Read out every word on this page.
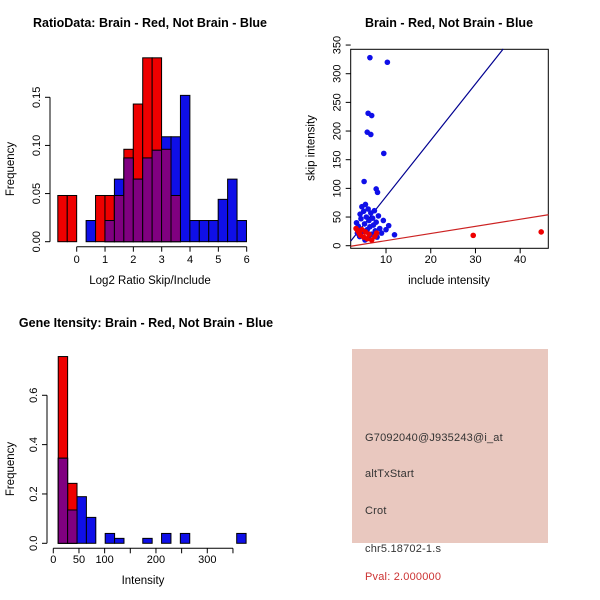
0 1 2 3 4 5 6
0.00
0.05
0.10
0.15
RatioData: Brain - Red, Not Brain - Blue
Log2 Ratio Skip/Include
Frequency
10	20	30	40
0
50
100
150
200
250
300
350
Brain - Red, Not Brain - Blue
include intensity
skip intensity
0 50 100	200	300
0.0
0.2
0.4
0.6
Gene Itensity: Brain - Red, Not Brain - Blue
Intensity
Frequency
G7092040@J935243@i_at
altTxStart
Crot
chr5.18702-1.s
Pval: 2.000000
